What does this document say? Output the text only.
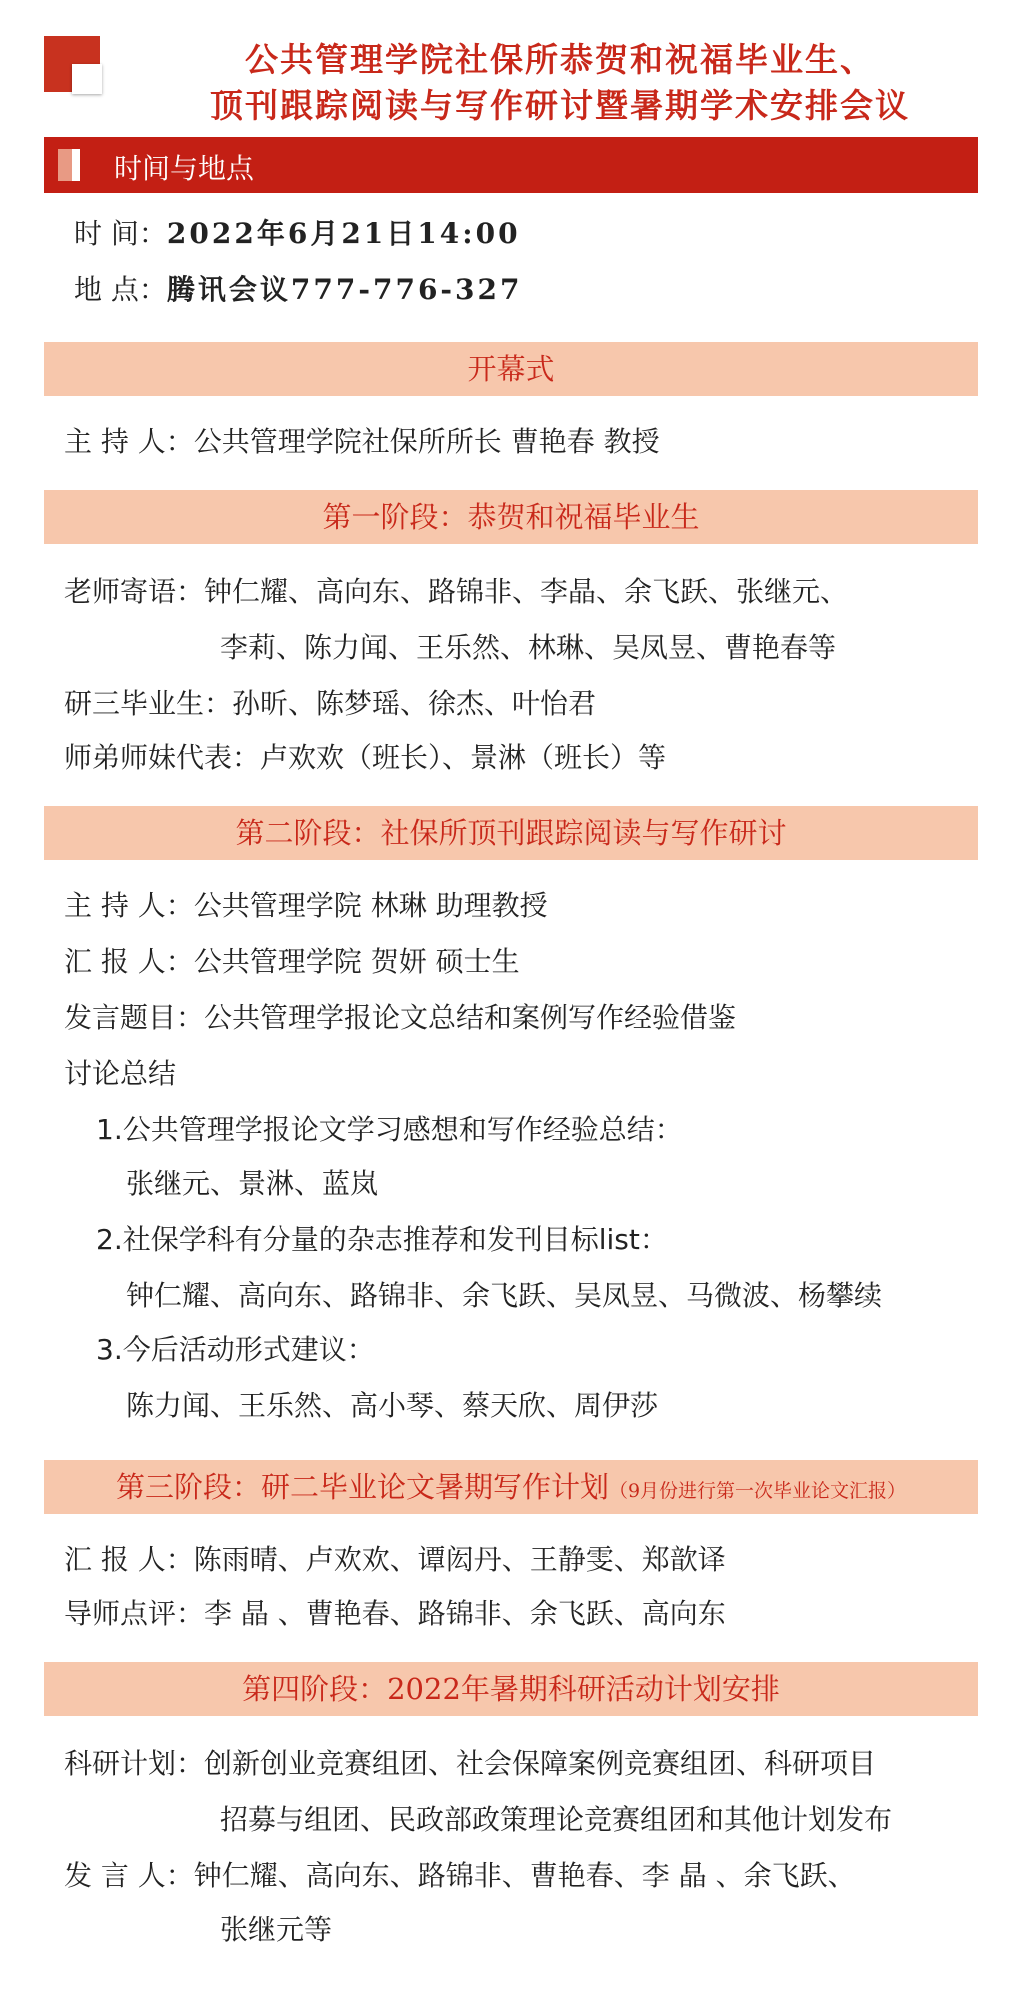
公共管理学院社保所恭贺和祝福毕业生、
顶刊跟踪阅读与写作研讨暨暑期学术安排会议
时间与地点
时 间：2022年6月21日14:00
地 点：腾讯会议777-776-327
开幕式
主 持 人：公共管理学院社保所所长 曹艳春 教授
第一阶段：恭贺和祝福毕业生
老师寄语：钟仁耀、高向东、路锦非、李晶、余飞跃、张继元、
李莉、陈力闻、王乐然、林琳、吴凤昱、曹艳春等
研三毕业生：孙昕、陈梦瑶、徐杰、叶怡君
师弟师妹代表：卢欢欢（班长）、景淋（班长）等
第二阶段：社保所顶刊跟踪阅读与写作研讨
主 持 人：公共管理学院 林琳 助理教授
汇 报 人：公共管理学院 贺妍 硕士生
发言题目：公共管理学报论文总结和案例写作经验借鉴
讨论总结
1.公共管理学报论文学习感想和写作经验总结：
张继元、景淋、蓝岚
2.社保学科有分量的杂志推荐和发刊目标list：
钟仁耀、高向东、路锦非、余飞跃、吴凤昱、马微波、杨攀续
3.今后活动形式建议：
陈力闻、王乐然、高小琴、蔡天欣、周伊莎
第三阶段：研二毕业论文暑期写作计划（9月份进行第一次毕业论文汇报）
汇 报 人：陈雨晴、卢欢欢、谭闳丹、王静雯、郑歆译
导师点评：李 晶 、曹艳春、路锦非、余飞跃、高向东
第四阶段：2022年暑期科研活动计划安排
科研计划：创新创业竞赛组团、社会保障案例竞赛组团、科研项目
招募与组团、民政部政策理论竞赛组团和其他计划发布
发 言 人：钟仁耀、高向东、路锦非、曹艳春、李 晶 、余飞跃、
张继元等
